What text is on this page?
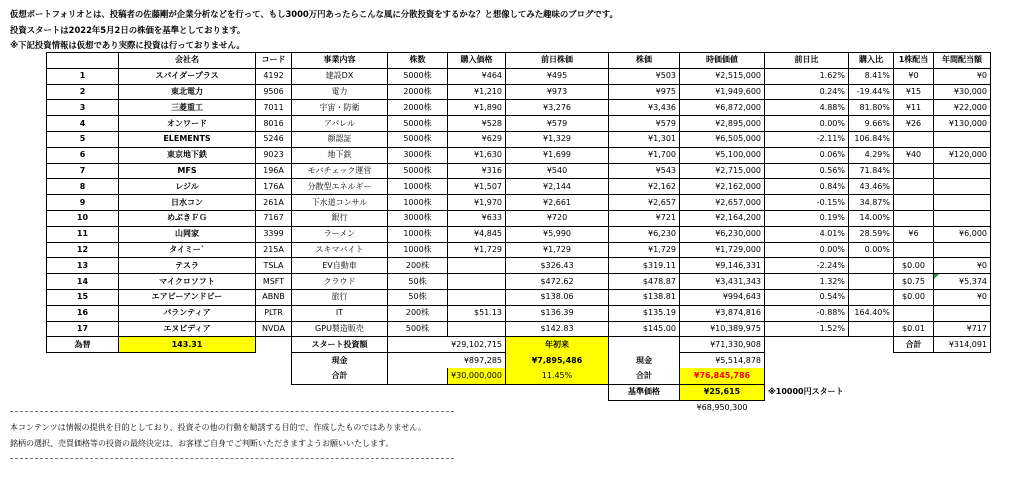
仮想ポートフォリオとは、投稿者の佐藤剛が企業分析などを行って、もし3000万円あったらこんな風に分散投資をするかな？と想像してみた趣味のブログです。
投資スタートは2022年5月2日の株価を基準としております。
※下記投資情報は仮想であり実際に投資は行っておりません。
	会社名	コード	事業内容	株数	購入価格	前日株価	株価	時価価値	前日比	購入比	1株配当	年間配当額
1	スパイダープラス	4192	建設DX	5000株	¥464	¥495	¥503	¥2,515,000	1.62%	8.41%	¥0	¥0
2	東北電力	9506	電力	2000株	¥1,210	¥973	¥975	¥1,949,600	0.24%	-19.44%	¥15	¥30,000
3	三菱重工	7011	宇宙・防衛	2000株	¥1,890	¥3,276	¥3,436	¥6,872,000	4.88%	81.80%	¥11	¥22,000
4	オンワード	8016	アパレル	5000株	¥528	¥579	¥579	¥2,895,000	0.00%	9.66%	¥26	¥130,000
5	ELEMENTS	5246	顔認証	5000株	¥629	¥1,329	¥1,301	¥6,505,000	-2.11%	106.84%		
6	東京地下鉄	9023	地下鉄	3000株	¥1,630	¥1,699	¥1,700	¥5,100,000	0.06%	4.29%	¥40	¥120,000
7	MFS	196A	モバチェック運営	5000株	¥316	¥540	¥543	¥2,715,000	0.56%	71.84%		
8	レジル	176A	分散型エネルギー	1000株	¥1,507	¥2,144	¥2,162	¥2,162,000	0.84%	43.46%		
9	日水コン	261A	下水道コンサル	1000株	¥1,970	¥2,661	¥2,657	¥2,657,000	-0.15%	34.87%		
10	めぶきＦＧ	7167	銀行	3000株	¥633	¥720	¥721	¥2,164,200	0.19%	14.00%		
11	山岡家	3399	ラーメン	1000株	¥4,845	¥5,990	¥6,230	¥6,230,000	4.01%	28.59%	¥6	¥6,000
12	タイミー`	215A	スキマバイト	1000株	¥1,729	¥1,729	¥1,729	¥1,729,000	0.00%	0.00%		
13	テスラ	TSLA	EV自動車	200株		$326.43	$319.11	¥9,146,331	-2.24%		$0.00	¥0
14	マイクロソフト	MSFT	クラウド	50株		$472.62	$478.87	¥3,431,343	1.32%		$0.75	¥5,374
15	エアビーアンドビー	ABNB	旅行	50株		$138.06	$138.81	¥994,643	0.54%		$0.00	¥0
16	パランティア	PLTR	IT	200株	$51.13	$136.39	$135.19	¥3,874,816	-0.88%	164.40%		
17	エヌビディア	NVDA	GPU製造販売	500株		$142.83	$145.00	¥10,389,975	1.52%		$0.01	¥717
為替	143.31		スタート投資額	¥29,102,715		年初来		¥71,330,908			合計	¥314,091
			現金	¥897,285		¥7,895,486	現金	¥5,514,878				
			合計		¥30,000,000	11.45%	合計	¥76,845,786				
							基準価格	¥25,615	※10000円スタート			
								¥68,950,300				
本コンテンツは情報の提供を目的としており、投資その他の行動を勧誘する目的で、作成したものではありません。
銘柄の選択、売買価格等の投資の最終決定は、お客様ご自身でご判断いただきますようお願いいたします。
